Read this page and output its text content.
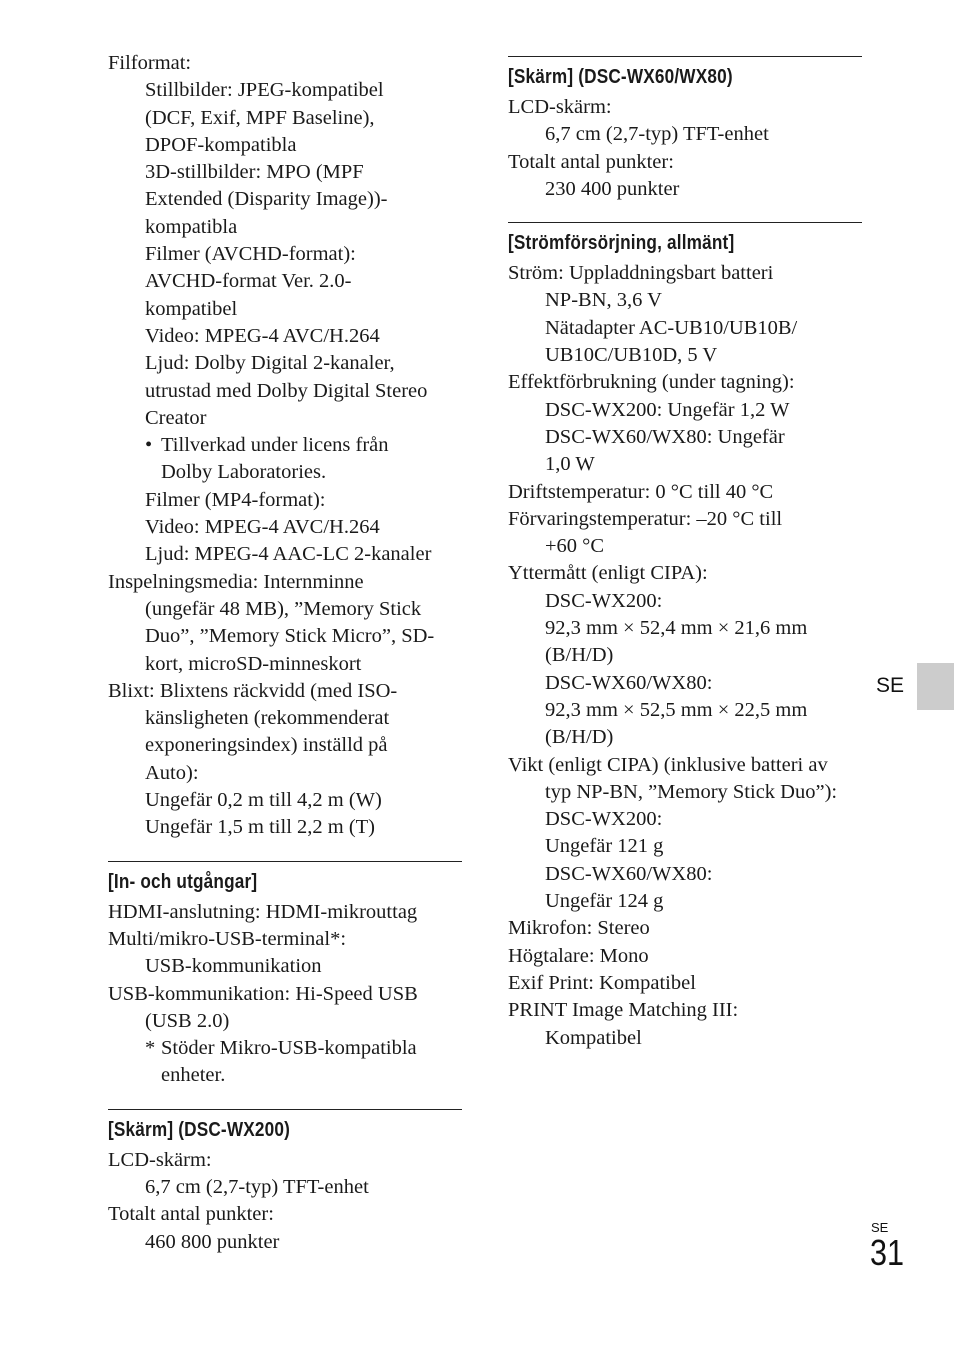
Filformat:
Stillbilder: JPEG-kompatibel
(DCF, Exif, MPF Baseline),
DPOF-kompatibla
3D-stillbilder: MPO (MPF
Extended (Disparity Image))-
kompatibla
Filmer (AVCHD-format):
AVCHD-format Ver. 2.0-
kompatibel
Video: MPEG-4 AVC/H.264
Ljud: Dolby Digital 2-kanaler,
utrustad med Dolby Digital Stereo
Creator
• Tillverkad under licens från
Dolby Laboratories.
Filmer (MP4-format):
Video: MPEG-4 AVC/H.264
Ljud: MPEG-4 AAC-LC 2-kanaler
Inspelningsmedia: Internminne
(ungefär 48 MB), ”Memory Stick
Duo”, ”Memory Stick Micro”, SD-
kort, microSD-minneskort
Blixt: Blixtens räckvidd (med ISO-
känsligheten (rekommenderat
exponeringsindex) inställd på
Auto):
Ungefär 0,2 m till 4,2 m (W)
Ungefär 1,5 m till 2,2 m (T)
[In- och utgångar]
HDMI-anslutning: HDMI-mikrouttag
Multi/mikro-USB-terminal*:
USB-kommunikation
USB-kommunikation: Hi-Speed USB
(USB 2.0)
* Stöder Mikro-USB-kompatibla
enheter.
[Skärm] (DSC-WX200)
LCD-skärm:
6,7 cm (2,7-typ) TFT-enhet
Totalt antal punkter:
460 800 punkter
[Skärm] (DSC-WX60/WX80)
LCD-skärm:
6,7 cm (2,7-typ) TFT-enhet
Totalt antal punkter:
230 400 punkter
[Strömförsörjning, allmänt]
Ström: Uppladdningsbart batteri
NP-BN, 3,6 V
Nätadapter AC-UB10/UB10B/
UB10C/UB10D, 5 V
Effektförbrukning (under tagning):
DSC-WX200: Ungefär 1,2 W
DSC-WX60/WX80: Ungefär
1,0 W
Driftstemperatur: 0 °C till 40 °C
Förvaringstemperatur: –20 °C till
+60 °C
Yttermått (enligt CIPA):
DSC-WX200:
92,3 mm × 52,4 mm × 21,6 mm
(B/H/D)
DSC-WX60/WX80:
92,3 mm × 52,5 mm × 22,5 mm
(B/H/D)
Vikt (enligt CIPA) (inklusive batteri av
typ NP-BN, ”Memory Stick Duo”):
DSC-WX200:
Ungefär 121 g
DSC-WX60/WX80:
Ungefär 124 g
Mikrofon: Stereo
Högtalare: Mono
Exif Print: Kompatibel
PRINT Image Matching III:
Kompatibel
SE
SE
31
